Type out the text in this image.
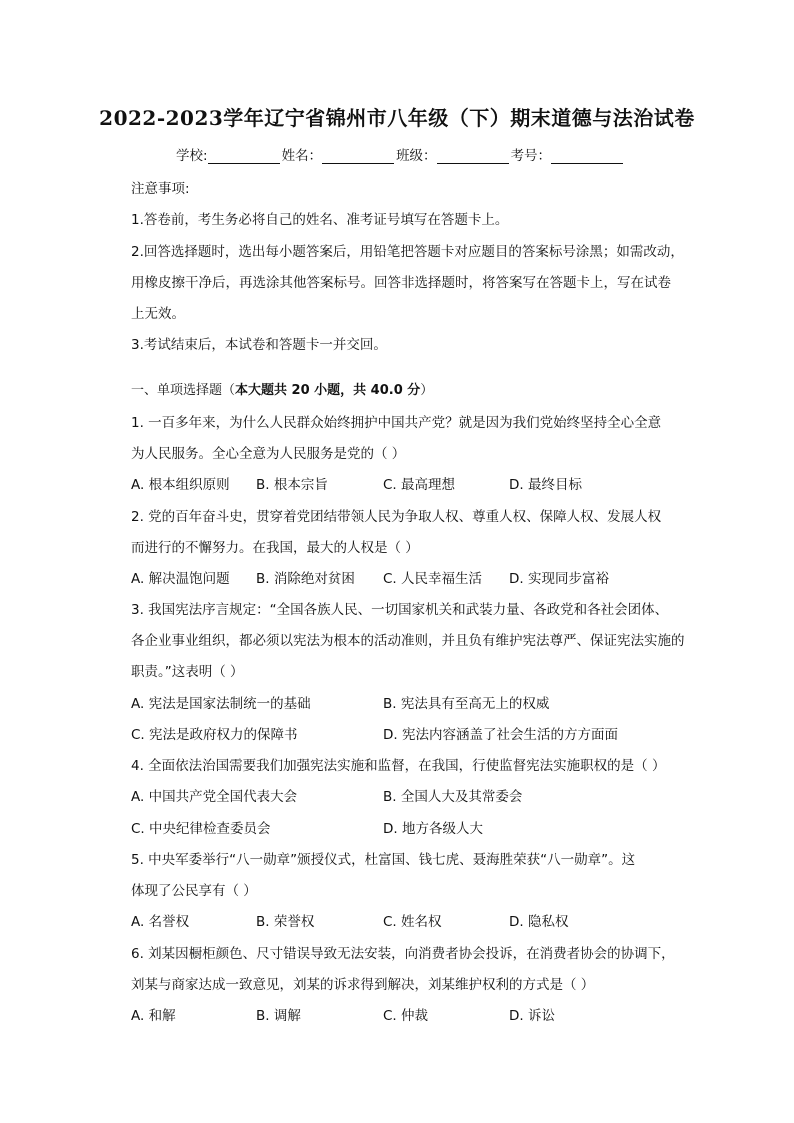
2022-2023学年辽宁省锦州市八年级（下）期末道德与法治试卷
学校:	姓名：	班级：	考号：
注意事项:
1.答卷前，考生务必将自己的姓名、准考证号填写在答题卡上。
2.回答选择题时，选出每小题答案后，用铅笔把答题卡对应题目的答案标号涂黑；如需改动，
用橡皮擦干净后，再选涂其他答案标号。回答非选择题时，将答案写在答题卡上，写在试卷
上无效。
3.考试结束后，本试卷和答题卡一并交回。
一、单项选择题（本大题共 20 小题，共 40.0 分）
1. 一百多年来，为什么人民群众始终拥护中国共产党？就是因为我们党始终坚持全心全意
为人民服务。全心全意为人民服务是党的（ ）
A. 根本组织原则 B. 根本宗旨	C. 最高理想	D. 最终目标
2. 党的百年奋斗史，贯穿着党团结带领人民为争取人权、尊重人权、保障人权、发展人权
而进行的不懈努力。在我国，最大的人权是（ ）
A. 解决温饱问题 B. 消除绝对贫困 C. 人民幸福生活 D. 实现同步富裕
3. 我国宪法序言规定：“全国各族人民、一切国家机关和武装力量、各政党和各社会团体、
各企业事业组织，都必须以宪法为根本的活动准则，并且负有维护宪法尊严、保证宪法实施的
职责。”这表明（ ）
A. 宪法是国家法制统一的基础	B. 宪法具有至高无上的权威
C. 宪法是政府权力的保障书	D. 宪法内容涵盖了社会生活的方方面面
4. 全面依法治国需要我们加强宪法实施和监督，在我国，行使监督宪法实施职权的是（ ）
A. 中国共产党全国代表大会	B. 全国人大及其常委会
C. 中央纪律检查委员会	D. 地方各级人大
5. 中央军委举行“八一勋章”颁授仪式，杜富国、钱七虎、聂海胜荣获“八一勋章”。这
体现了公民享有（ ）
A. 名誉权	B. 荣誉权	C. 姓名权	D. 隐私权
6. 刘某因橱柜颜色、尺寸错误导致无法安装，向消费者协会投诉，在消费者协会的协调下，
刘某与商家达成一致意见，刘某的诉求得到解决，刘某维护权利的方式是（ ）
A. 和解	B. 调解	C. 仲裁	D. 诉讼
